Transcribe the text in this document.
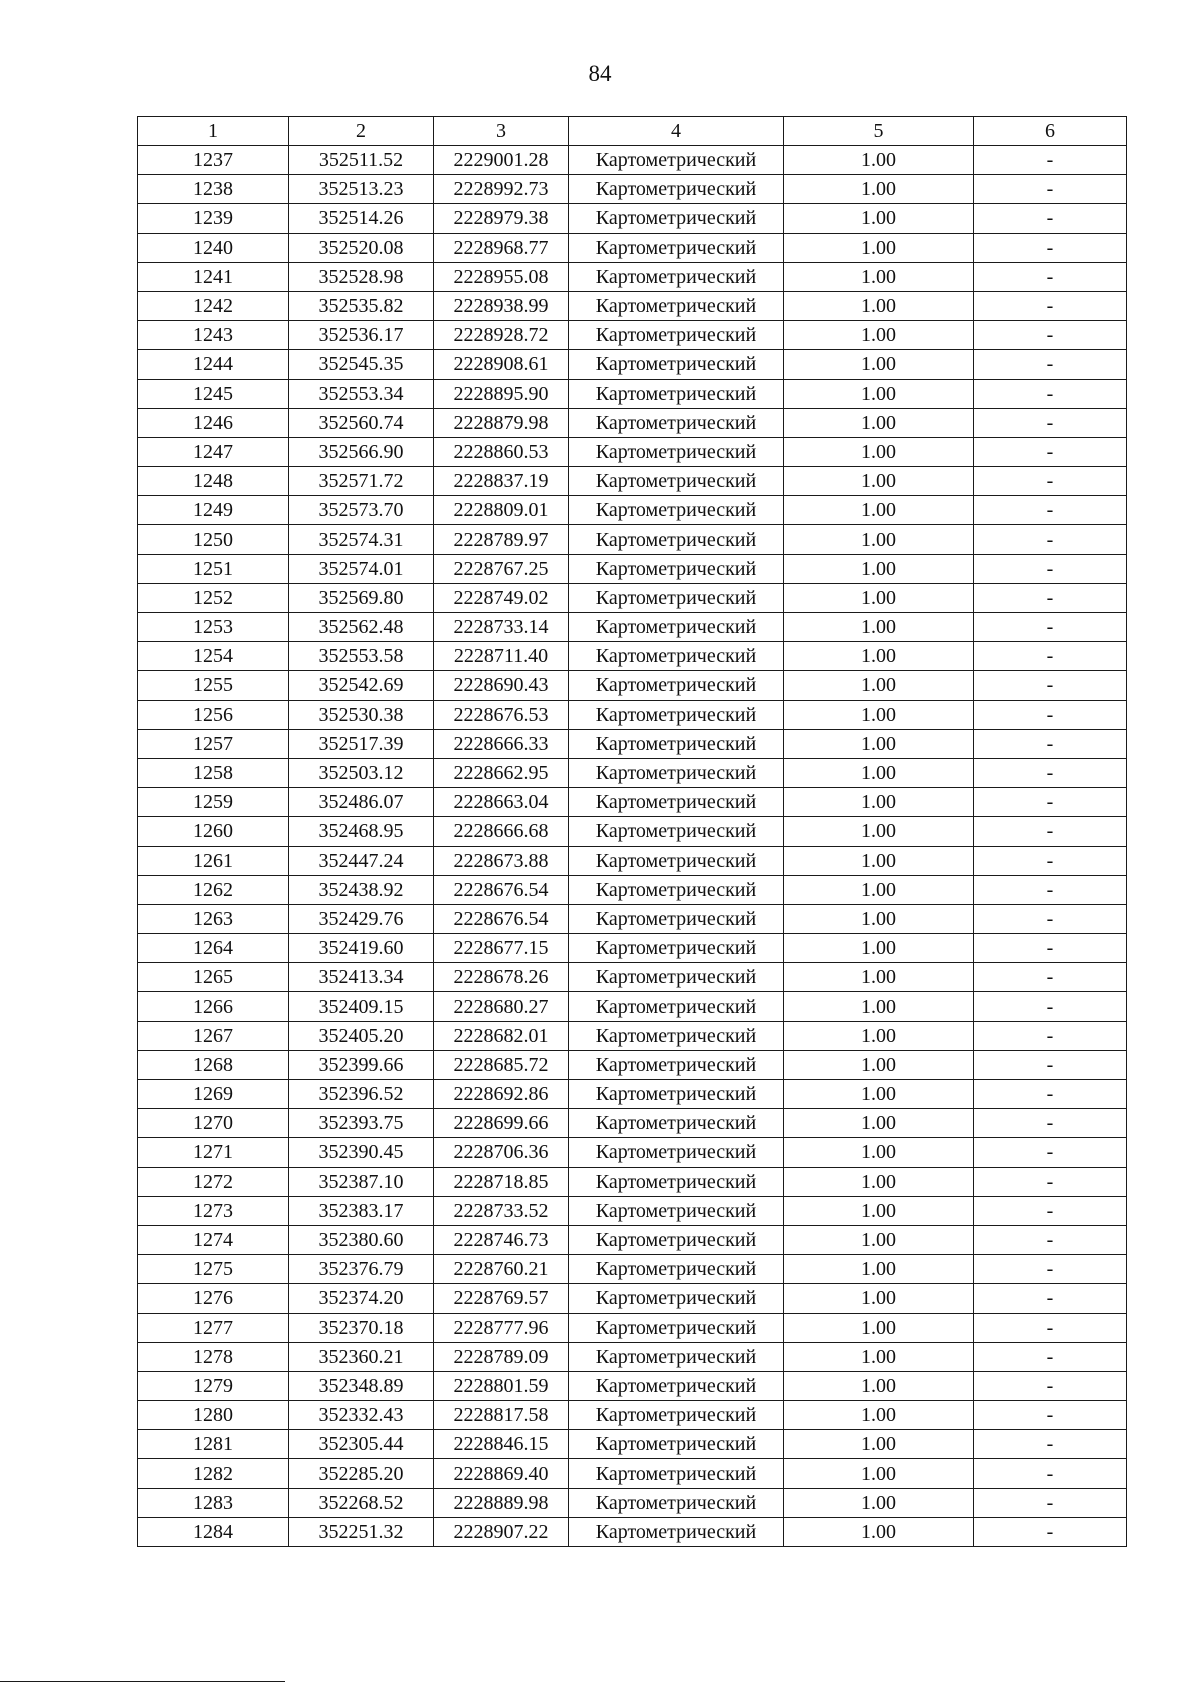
84
1	2	3	4	5	6
1237	352511.52	2229001.28	Картометрический	1.00	-
1238	352513.23	2228992.73	Картометрический	1.00	-
1239	352514.26	2228979.38	Картометрический	1.00	-
1240	352520.08	2228968.77	Картометрический	1.00	-
1241	352528.98	2228955.08	Картометрический	1.00	-
1242	352535.82	2228938.99	Картометрический	1.00	-
1243	352536.17	2228928.72	Картометрический	1.00	-
1244	352545.35	2228908.61	Картометрический	1.00	-
1245	352553.34	2228895.90	Картометрический	1.00	-
1246	352560.74	2228879.98	Картометрический	1.00	-
1247	352566.90	2228860.53	Картометрический	1.00	-
1248	352571.72	2228837.19	Картометрический	1.00	-
1249	352573.70	2228809.01	Картометрический	1.00	-
1250	352574.31	2228789.97	Картометрический	1.00	-
1251	352574.01	2228767.25	Картометрический	1.00	-
1252	352569.80	2228749.02	Картометрический	1.00	-
1253	352562.48	2228733.14	Картометрический	1.00	-
1254	352553.58	2228711.40	Картометрический	1.00	-
1255	352542.69	2228690.43	Картометрический	1.00	-
1256	352530.38	2228676.53	Картометрический	1.00	-
1257	352517.39	2228666.33	Картометрический	1.00	-
1258	352503.12	2228662.95	Картометрический	1.00	-
1259	352486.07	2228663.04	Картометрический	1.00	-
1260	352468.95	2228666.68	Картометрический	1.00	-
1261	352447.24	2228673.88	Картометрический	1.00	-
1262	352438.92	2228676.54	Картометрический	1.00	-
1263	352429.76	2228676.54	Картометрический	1.00	-
1264	352419.60	2228677.15	Картометрический	1.00	-
1265	352413.34	2228678.26	Картометрический	1.00	-
1266	352409.15	2228680.27	Картометрический	1.00	-
1267	352405.20	2228682.01	Картометрический	1.00	-
1268	352399.66	2228685.72	Картометрический	1.00	-
1269	352396.52	2228692.86	Картометрический	1.00	-
1270	352393.75	2228699.66	Картометрический	1.00	-
1271	352390.45	2228706.36	Картометрический	1.00	-
1272	352387.10	2228718.85	Картометрический	1.00	-
1273	352383.17	2228733.52	Картометрический	1.00	-
1274	352380.60	2228746.73	Картометрический	1.00	-
1275	352376.79	2228760.21	Картометрический	1.00	-
1276	352374.20	2228769.57	Картометрический	1.00	-
1277	352370.18	2228777.96	Картометрический	1.00	-
1278	352360.21	2228789.09	Картометрический	1.00	-
1279	352348.89	2228801.59	Картометрический	1.00	-
1280	352332.43	2228817.58	Картометрический	1.00	-
1281	352305.44	2228846.15	Картометрический	1.00	-
1282	352285.20	2228869.40	Картометрический	1.00	-
1283	352268.52	2228889.98	Картометрический	1.00	-
1284	352251.32	2228907.22	Картометрический	1.00	-
